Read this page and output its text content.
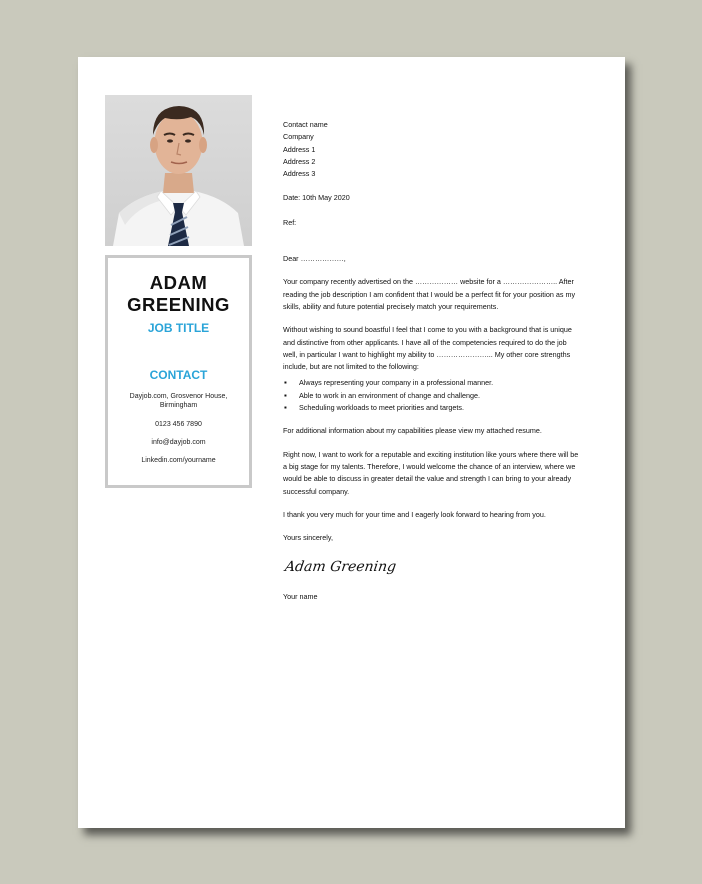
ADAM
GREENING
JOB TITLE
CONTACT
Dayjob.com, Grosvenor House, Birmingham
0123 456 7890
info@dayjob.com
Linkedin.com/yourname

Contact name

Company

Address 1

Address 2

Address 3

Date: 10th May 2020

Ref:

Dear ………………,

Your company recently advertised on the ……………… website for a ………………….. After reading the job description I am confident that I would be a perfect fit for your position as my skills, ability and future potential precisely match your requirements.

Without wishing to sound boastful I feel that I come to you with a background that is unique and distinctive from other applicants. I have all of the competencies required to do the job well, in particular I want to highlight my ability to …………………... My other core strengths include, but are not limited to the following:

▪ Always representing your company in a professional manner.
▪ Able to work in an environment of change and challenge.
▪ Scheduling workloads to meet priorities and targets.

For additional information about my capabilities please view my attached resume.

Right now, I want to work for a reputable and exciting institution like yours where there will be a big stage for my talents. Therefore, I would welcome the chance of an interview, where we would be able to discuss in greater detail the value and strength I can bring to your already successful company.

I thank you very much for your time and I eagerly look forward to hearing from you.

Yours sincerely,

Adam Greening

Your name
